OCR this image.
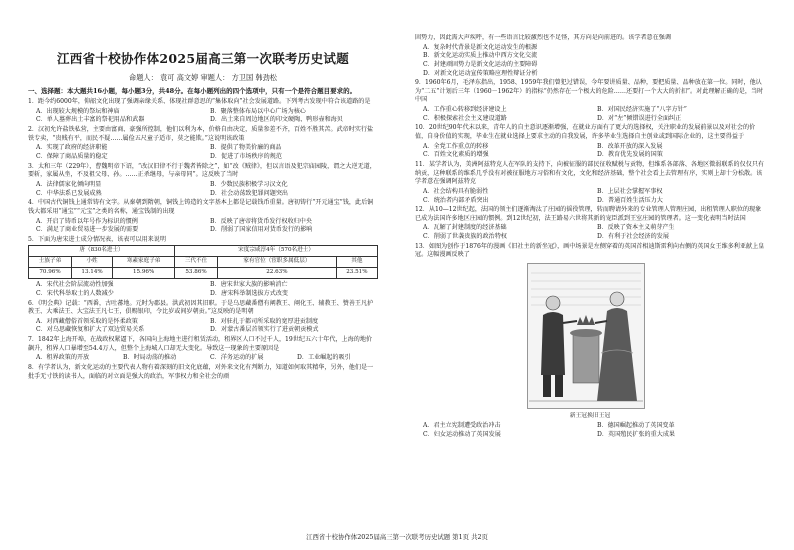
江西省十校协作体2025届高三第一次联考历史试题
命题人： 袁可 高文婷 审题人： 方卫国 韩劲松
一、选择题：本大题共16小题，每小题3分，共48分。在每小题列出的四个选项中，只有一个是符合题目要求的。
1．距今约6000年，仰韶文化出现了强调亲缘关系、体现社群意思的“集体取向”社会发展道路。下列考古发现中符合该道路的是
A．出现较大规模的祭坛和神庙	B．聚落整体布局以中心广场为核心
C．单人墓葬出土丰富的祭祀用品和武器	D．出土来自周边地区的印文硬陶、鸭形壶和海贝
2．汉初允许盐铁私营，主要由富商、豪强所控制，他们以利为本，价格自由决定，质量参差不齐，百姓不胜其苦。武帝时实行盐铁专卖，“贵贱有平，而民不疑……属俭五尺童子适市，莫之能欺。”这说明该政策
A．实现了政府的经济职能	B．提供了物美价廉的商品
C．保障了商品质量的稳定	D．促进了市场秩序的规范
3．太和三年（229年），曹魏明帝下诏，“改汉旧律不行于魏者皆除之”，如“改《贼律》，但以言语及犯宗庙园陵，谓之大逆无道，要斩，家属从坐，不及祖父母、孙。……正杀继母，与亲母同”。这反映了当时
A．法律儒家化倾向明显	B．少数民族积极学习汉文化
C．中华法系已发展成熟	D．社会动荡致犯罪问题突出
4．中国古代铜钱上通常铸有文字。从秦朝到隋朝，铜钱上铸造的文字基本上都是记载钱币重量。唐初铸行“开元通宝”钱，此后铜钱大都采用“通宝”“元宝”之类的名称，通宝钱制的出现
A．开启了铸币以年号作为标识的惯例	B．反映了唐帝将货币发行权收归中央
C．满足了商业贸易进一步发展的需要	D．削弱了国家信用对货币发行的影响
5．下面为唐宋进士成分情况表，该表可以用来说明
唐（830名进士）			宋度宗咸淳4年（570名进士）		
士族子弟	小姓	寒素家庭子弟	三代不仕	家有官位（宦职多属低层）	其他
70.96%	13.14%	15.96%	53.86%	22.63%	23.51%
A．宋代社会阶层流动性加强	B．唐宋世家大族的影响消亡
C．宋代科举取士的人数减少	D．唐宋科举制选拔方式改变
6．《明会典》记载：“西番，古吐蕃地。元时为郡县。洪武初因其旧职。于是乌思藏番僧有阐教王、阐化王、辅教王、赞善王凡护教王、大乘法王、大宝法王凡七王，俱赐银印，令比岁或间岁朝贡。”这反映的是明朝
A．对西藏僧俗首领采取的是怀柔政策	B．对驻扎于都司所采取的宽厚进贡制度
C．对乌思藏恢复和扩大了双边贸易关系	D．对蒙古番层首领实行了进贡朝贡模式
7．1842年上海开埠，在战政权紧逼下，各国向上海地主进行租赁活动，租界区人口不过千人，19世纪五六十年代，上海的地价飙升，租界人口暴增至54.4万人，但整个上海城人口却无大变化。导致这一现象的主要原因是
A．租界政策的开放	B．时局动荡的推动	C．洋务运动的扩展	D．工业崛起的吸引
8．有学者认为，新文化运动的主要代表人物有着深刻的旧文化底蕴，对外来文化有判断力，知道如何取其精华，另外，他们是一批手无寸铁的读书人，面临的对立面是强大的政治，军事权力和全社会的顽
固势力，因此需大声疾呼，有一些语言比较激烈也不足怪，其方向是向前进的。该学者意在强调
A．复杂时代背景是新文化运动发生的根源
B．新文化运动实质上推动中西方文化交流
C．封建顽固势力是新文化运动的主要障碍
D．对新文化运动宣传策略应理性辩证分析
9．1960年6月，毛泽东指出，1958、1959年我们曾犯过错误，今年要讲质量、品种，要把质量、品种放在第一位。同时，他认为“二五”计划后三年（1960－1962年）的指标“仍然存在一个极大的危险……还要打一个大大的折扣”。对此理解正确的是，当时中国
A．工作重心转移到经济建设上	B．对国民经济实施了“八字方针”
C．积极探索社会主义建设道路	D．对“左”倾错误进行全面纠正
10．20世纪90年代末以来，青年人的自主意识逐渐增强，在就业方面有了更大的选择权，关注职业的发展前景以及对社会的价值，自身价值的实现，毕业生在就业选择上要求主动的自我发展，许多毕业生选择自主创业或到国际企业的，这主要得益于
A．全党工作重点的转移	B．改革开放的深入发展
C．百姓文化素质的增强	D．教育优先发展的国策
11．某学者认为，美洲阿兹特克人在军队的支持下，向被征服的部民征收赋税与贡物，但维系各部落、各地区微弱联系的仅仅只有纳贡，这种联系的维系几乎没有对被征服地方习俗和有文化，文化和经济基础，整个社会看上去管理有序，实则上却十分松散。该学者意在强调阿兹特克
A．社会结构具有脆弱性	B．上层社会掌握军事权
C．统治者内部矛盾突出	D．普通百姓生活压力大
12．从10—12世纪起，法国的领主们逐渐淘汰了庄园的徭役管理，转而聘请外来的专业管理人管理庄园，出租管理人职位的现象已成为法国许多地区庄园的惯例。到12世纪初，法王路易六世将其新的宠臣派到王室庄园的管理者。这一变化表明当时法国
A．瓦解了封建制度的经济基础	B．反映了资本主义萌芽产生
C．削弱了世袭贵族的政治特权	D．有利于社会经济的发展
13．如图为创作于1876年的漫画《旧社主的新坐冠》，画中场景是左侧穿着的英国首相迪斯雷利向右侧的英国女王维多利亚献上皇冠。这幅漫画反映了
新王冠换旧王冠
A．君主立宪制遭受政治冲击	B．德国崛起推动了英国变革
C．妇女运动推动了英国发展	D．英国殖民扩张的重大成果
江西省十校协作体2025届高三第一次联考历史试题 第1页 共2页
